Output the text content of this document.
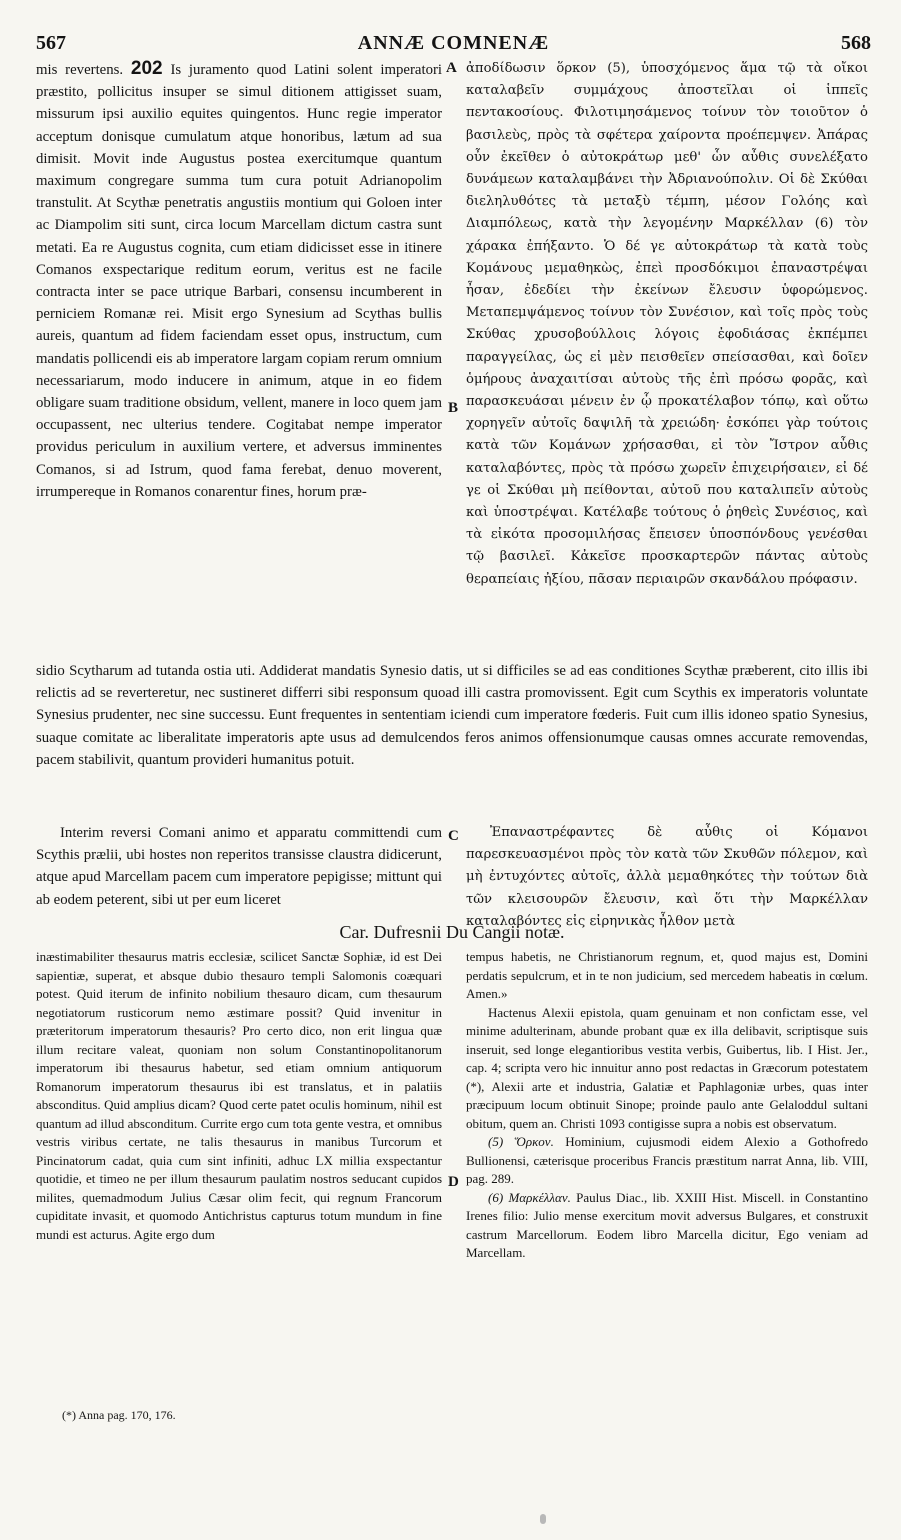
567	ANNÆ COMNENÆ	568

mis revertens. 202 Is juramento quod Latini solent imperatori præstito, pollicitus insuper se simul ditionem attigisset suam, missurum ipsi auxilio equites quingentos. Hunc regie imperator acceptum donisque cumulatum atque honoribus, lætum ad sua dimisit. Movit inde Augustus postea exercitumque quantum maximum congregare summa tum cura potuit Adrianopolim transtulit. At Scythæ penetratis angustiis montium qui Goloen inter ac Diampolim siti sunt, circa locum Marcellam dictum castra sunt metati. Ea re Augustus cognita, cum etiam didicisset esse in itinere Comanos exspectarique reditum eorum, veritus est ne facile contracta inter se pace utrique Barbari, consensu incumberent in perniciem Romanæ rei. Misit ergo Synesium ad Scythas bullis aureis, quantum ad fidem faciendam esset opus, instructum, cum mandatis pollicendi eis ab imperatore largam copiam rerum omnium necessariarum, modo inducere in animum, atque in eo fidem obligare suam traditione obsidum, vellent, manere in loco quem jam occupassent, nec ulterius tendere. Cogitabat nempe imperator providus periculum in auxilium vertere, et adversus imminentes Comanos, si ad Istrum, quod fama ferebat, denuo moverent, irrumpereque in Romanos conarentur fines, horum præ-

A
B
C
D

ἀποδίδωσιν ὅρκον (5), ὑποσχόμενος ἅμα τῷ τὰ οἴκοι καταλαβεῖν συμμάχους ἀποστεῖλαι οἱ ἱππεῖς πεντακοσίους. Φιλοτιμησάμενος τοίνυν τὸν τοιοῦτον ὁ βασιλεὺς, πρὸς τὰ σφέτερα χαίροντα προέπεμψεν. Ἀπάρας οὖν ἐκεῖθεν ὁ αὐτοκράτωρ μεθ' ὧν αὖθις συνελέξατο δυνάμεων καταλαμβάνει τὴν Ἀδριανούπολιν. Οἱ δὲ Σκύθαι διεληλυθότες τὰ μεταξὺ τέμπη, μέσον Γολόης καὶ Διαμπόλεως, κατὰ τὴν λεγομένην Μαρκέλλαν (6) τὸν χάρακα ἐπήξαντο. Ὁ δέ γε αὐτοκράτωρ τὰ κατὰ τοὺς Κομάνους μεμαθηκὼς, ἐπεὶ προσδόκιμοι ἐπαναστρέψαι ἦσαν, ἐδεδίει τὴν ἐκείνων ἔλευσιν ὑφορώμενος. Μεταπεμψάμενος τοίνυν τὸν Συνέσιον, καὶ τοῖς πρὸς τοὺς Σκύθας χρυσοβούλλοις λόγοις ἐφοδιάσας ἐκπέμπει παραγγείλας, ὡς εἰ μὲν πεισθεῖεν σπείσασθαι, καὶ δοῖεν ὁμήρους ἀναχαιτίσαι αὐτοὺς τῆς ἐπὶ πρόσω φορᾶς, καὶ παρασκευάσαι μένειν ἐν ᾧ προκατέλαβον τόπῳ, καὶ οὕτω χορηγεῖν αὐτοῖς δαψιλῆ τὰ χρειώδη· ἐσκόπει γὰρ τούτοις κατὰ τῶν Κομάνων χρήσασθαι, εἰ τὸν Ἴστρον αὖθις καταλαβόντες, πρὸς τὰ πρόσω χωρεῖν ἐπιχειρήσαιεν, εἰ δέ γε οἱ Σκύθαι μὴ πείθονται, αὐτοῦ που καταλιπεῖν αὐτοὺς καὶ ὑποστρέψαι. Κατέλαβε τούτους ὁ ῥηθεὶς Συνέσιος, καὶ τὰ εἰκότα προσομιλήσας ἔπεισεν ὑποσπόνδους γενέσθαι τῷ βασιλεῖ. Κἀκεῖσε προσκαρτερῶν πάντας αὐτοὺς θεραπείαις ἠξίου, πᾶσαν περιαιρῶν σκανδάλου πρόφασιν.

sidio Scytharum ad tutanda ostia uti. Addiderat mandatis Synesio datis, ut si difficiles se ad eas conditiones Scythæ præberent, cito illis ibi relictis ad se reverteretur, nec sustineret differri sibi responsum quoad illi castra promovissent. Egit cum Scythis ex imperatoris voluntate Synesius prudenter, nec sine successu. Eunt frequentes in sententiam iciendi cum imperatore fœderis. Fuit cum illis idoneo spatio Synesius, suaque comitate ac liberalitate imperatoris apte usus ad demulcendos feros animos offensionumque causas omnes accurate removendas, pacem stabilivit, quantum provideri humanitus potuit.

Interim reversi Comani animo et apparatu committendi cum Scythis prælii, ubi hostes non reperitos transisse claustra didicerunt, atque apud Marcellam pacem cum imperatore pepigisse; mittunt qui ab eodem peterent, sibi ut per eum liceret

Ἐπαναστρέφαντες δὲ αὖθις οἱ Κόμανοι παρεσκευασμένοι πρὸς τὸν κατὰ τῶν Σκυθῶν πόλεμον, καὶ μὴ ἐντυχόντες αὐτοῖς, ἀλλὰ μεμαθηκότες τὴν τούτων διὰ τῶν κλεισουρῶν ἔλευσιν, καὶ ὅτι τὴν Μαρκέλλαν καταλαβόντες εἰς εἰρηνικὰς ἦλθον μετὰ

Car. Dufresnii Du Cangii notæ.

inæstimabiliter thesaurus matris ecclesiæ, scilicet Sanctæ Sophiæ, id est Dei sapientiæ, superat, et absque dubio thesauro templi Salomonis coæquari potest. Quid iterum de infinito nobilium thesauro dicam, cum thesaurum negotiatorum rusticorum nemo æstimare possit? Quid invenitur in præteritorum imperatorum thesauris? Pro certo dico, non erit lingua quæ illum recitare valeat, quoniam non solum Constantinopolitanorum imperatorum ibi thesaurus habetur, sed etiam omnium antiquorum Romanorum imperatorum thesaurus ibi est translatus, et in palatiis absconditus. Quid amplius dicam? Quod certe patet oculis hominum, nihil est quantum ad illud absconditum. Currite ergo cum tota gente vestra, et omnibus vestris viribus certate, ne talis thesaurus in manibus Turcorum et Pincinatorum cadat, quia cum sint infiniti, adhuc LX millia exspectantur quotidie, et timeo ne per illum thesaurum paulatim nostros seducant cupidos milites, quemadmodum Julius Cæsar olim fecit, qui regnum Francorum cupiditate invasit, et quomodo Antichristus capturus totum mundum in fine mundi est acturus. Agite ergo dum

tempus habetis, ne Christianorum regnum, et, quod majus est, Domini perdatis sepulcrum, et in te non judicium, sed mercedem habeatis in cœlum. Amen.»

Hactenus Alexii epistola, quam genuinam et non confictam esse, vel minime adulterinam, abunde probant quæ ex illa delibavit, scriptisque suis inseruit, sed longe elegantioribus vestita verbis, Guibertus, lib. I Hist. Jer., cap. 4; scripta vero hic innuitur anno post redactas in Græcorum potestatem (*), Alexii arte et industria, Galatiæ et Paphlagoniæ urbes, quas inter præcipuum locum obtinuit Sinope; proinde paulo ante Gelaloddul sultani obitum, quem an. Christi 1093 contigisse supra a nobis est observatum.

(5) Ὅρκον. Hominium, cujusmodi eidem Alexio a Gothofredo Bullionensi, cæterisque proceribus Francis præstitum narrat Anna, lib. VIII, pag. 289.

(6) Μαρκέλλαν. Paulus Diac., lib. XXIII Hist. Miscell. in Constantino Irenes filio: Julio mense exercitum movit adversus Bulgares, et construxit castrum Marcellorum. Eodem libro Marcella dicitur, Ego veniam ad Marcellam.

(*) Anna pag. 170, 176.
